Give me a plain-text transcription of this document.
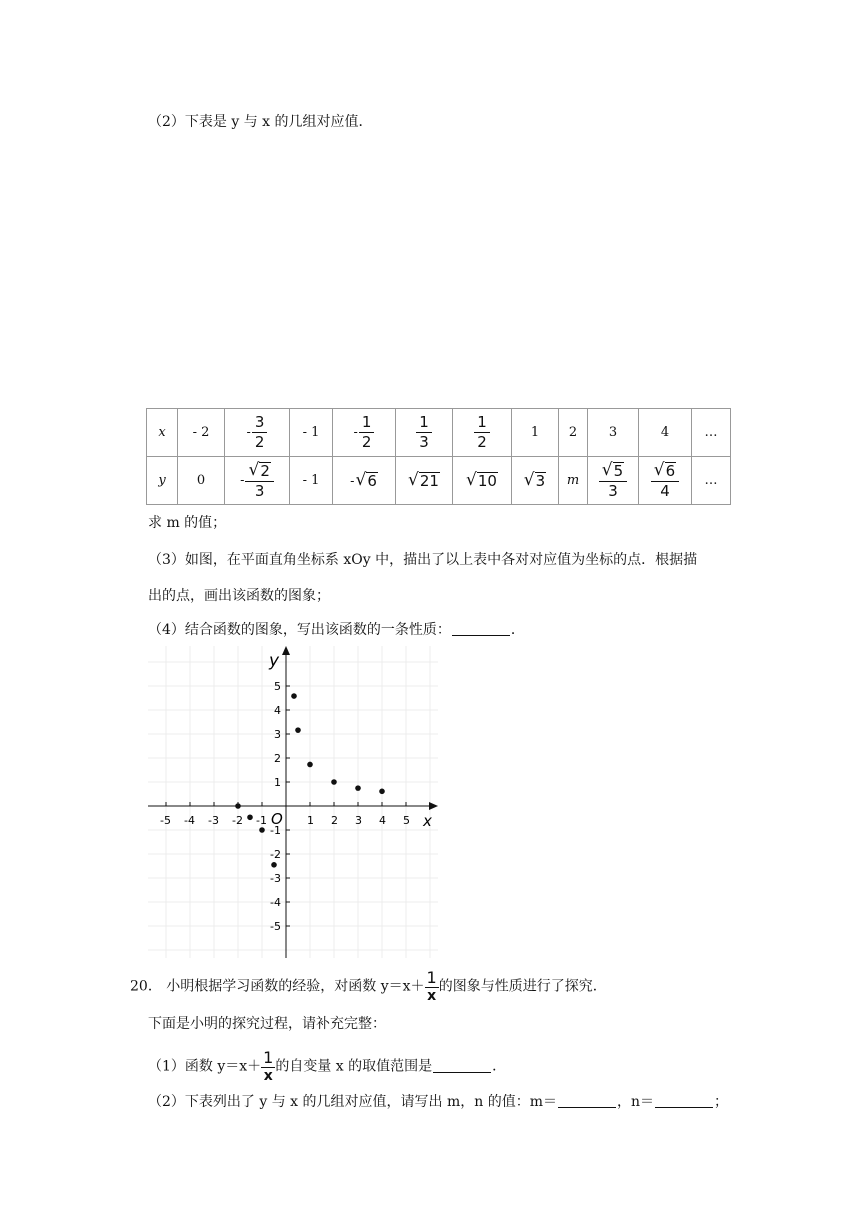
（2）下表是 y 与 x 的几组对应值．
x	- 2	- $\frac{3}{2}$	- 1	- $\frac{1}{2}$	$\frac{1}{3}$	$\frac{1}{2}$	1	2	3	4	…
y	0	- $\frac{√ 2}{3}$	- 1	- √ 6	√ 21	√ 10	√ 3	m	$\frac{√ 5}{3}$	$\frac{√ 6}{4}$	…
求 m 的值；
（3）如图，在平面直角坐标系 xOy 中，描出了以上表中各对对应值为坐标的点．根据描
出的点，画出该函数的图象；
（4）结合函数的图象，写出该函数的一条性质：	．
-5 -4 -3 -2 -1	1 2 3 4 5
5
4
3
2
1
-1
-2
-3
-4
-5
x
y
O
20． 小明根据学习函数的经验，对函数 $y=x+ \frac{1}{x}$ 的图象与性质进行了探究．
下面是小明的探究过程，请补充完整：
（1）函数 $y=x+ \frac{1}{x}$ 的自变量 x 的取值范围是	．
（2）下表列出了 y 与 x 的几组对应值，请写出 m，n 的值：m＝	，n＝	；
